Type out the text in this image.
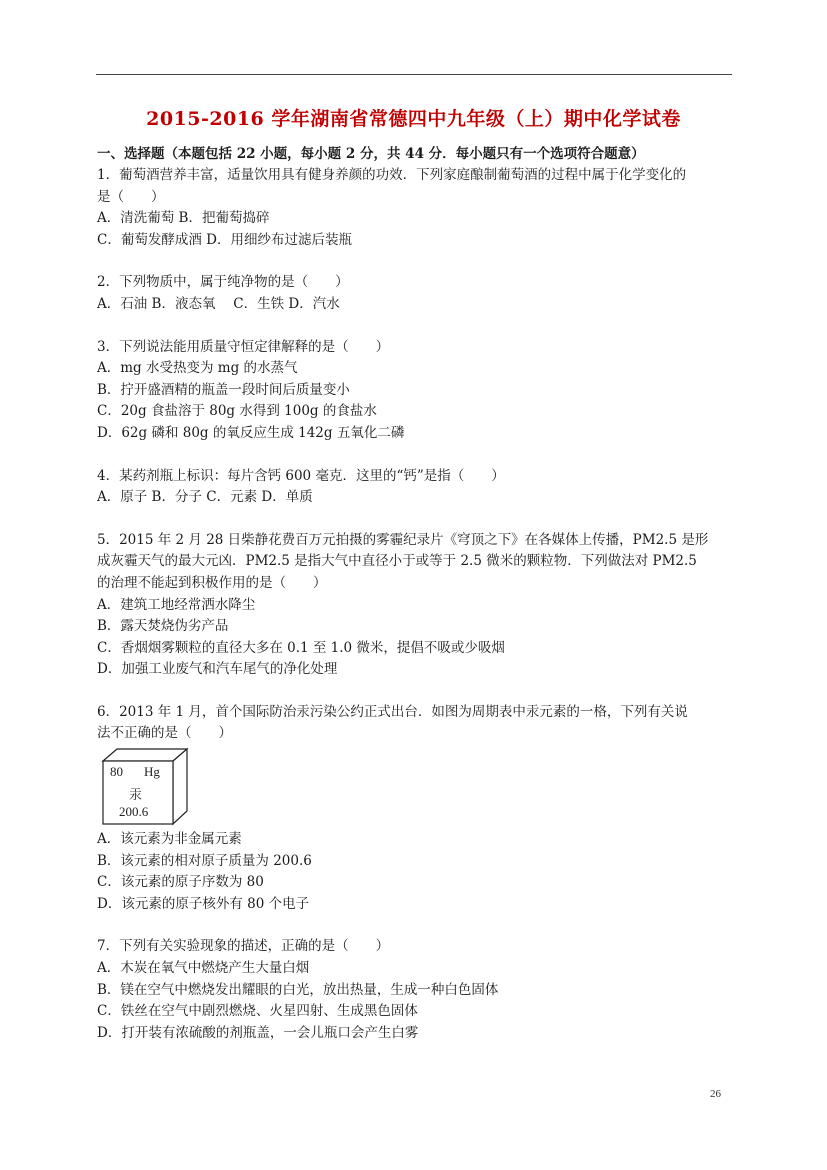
2015-2016 学年湖南省常德四中九年级（上）期中化学试卷
一、选择题（本题包括 22 小题，每小题 2 分，共 44 分．每小题只有一个选项符合题意）
1．葡萄酒营养丰富，适量饮用具有健身养颜的功效．下列家庭酿制葡萄酒的过程中属于化学变化的
是（　　）
A．清洗葡萄 B．把葡萄捣碎
C．葡萄发酵成酒 D．用细纱布过滤后装瓶
2．下列物质中，属于纯净物的是（　　）
A．石油 B．液态氧　 C．生铁 D．汽水
3．下列说法能用质量守恒定律解释的是（　　）
A．mg 水受热变为 mg 的水蒸气
B．拧开盛酒精的瓶盖一段时间后质量变小
C．20g 食盐溶于 80g 水得到 100g 的食盐水
D．62g 磷和 80g 的氧反应生成 142g 五氧化二磷
4．某药剂瓶上标识：每片含钙 600 毫克．这里的“钙”是指（　　）
A．原子 B．分子 C．元素 D．单质
5．2015 年 2 月 28 日柴静花费百万元拍摄的雾霾纪录片《穹顶之下》在各媒体上传播，PM2.5 是形
成灰霾天气的最大元凶．PM2.5 是指大气中直径小于或等于 2.5 微米的颗粒物．下列做法对 PM2.5
的治理不能起到积极作用的是（　　）
A．建筑工地经常洒水降尘
B．露天焚烧伪劣产品
C．香烟烟雾颗粒的直径大多在 0.1 至 1.0 微米，提倡不吸或少吸烟
D．加强工业废气和汽车尾气的净化处理
6．2013 年 1 月，首个国际防治汞污染公约正式出台．如图为周期表中汞元素的一格，下列有关说
法不正确的是（　　）
80 Hg
汞
200.6
A．该元素为非金属元素
B．该元素的相对原子质量为 200.6
C．该元素的原子序数为 80
D．该元素的原子核外有 80 个电子
7．下列有关实验现象的描述，正确的是（　　）
A．木炭在氧气中燃烧产生大量白烟
B．镁在空气中燃烧发出耀眼的白光，放出热量，生成一种白色固体
C．铁丝在空气中剧烈燃烧、火星四射、生成黑色固体
D．打开装有浓硫酸的剂瓶盖，一会儿瓶口会产生白雾
26
